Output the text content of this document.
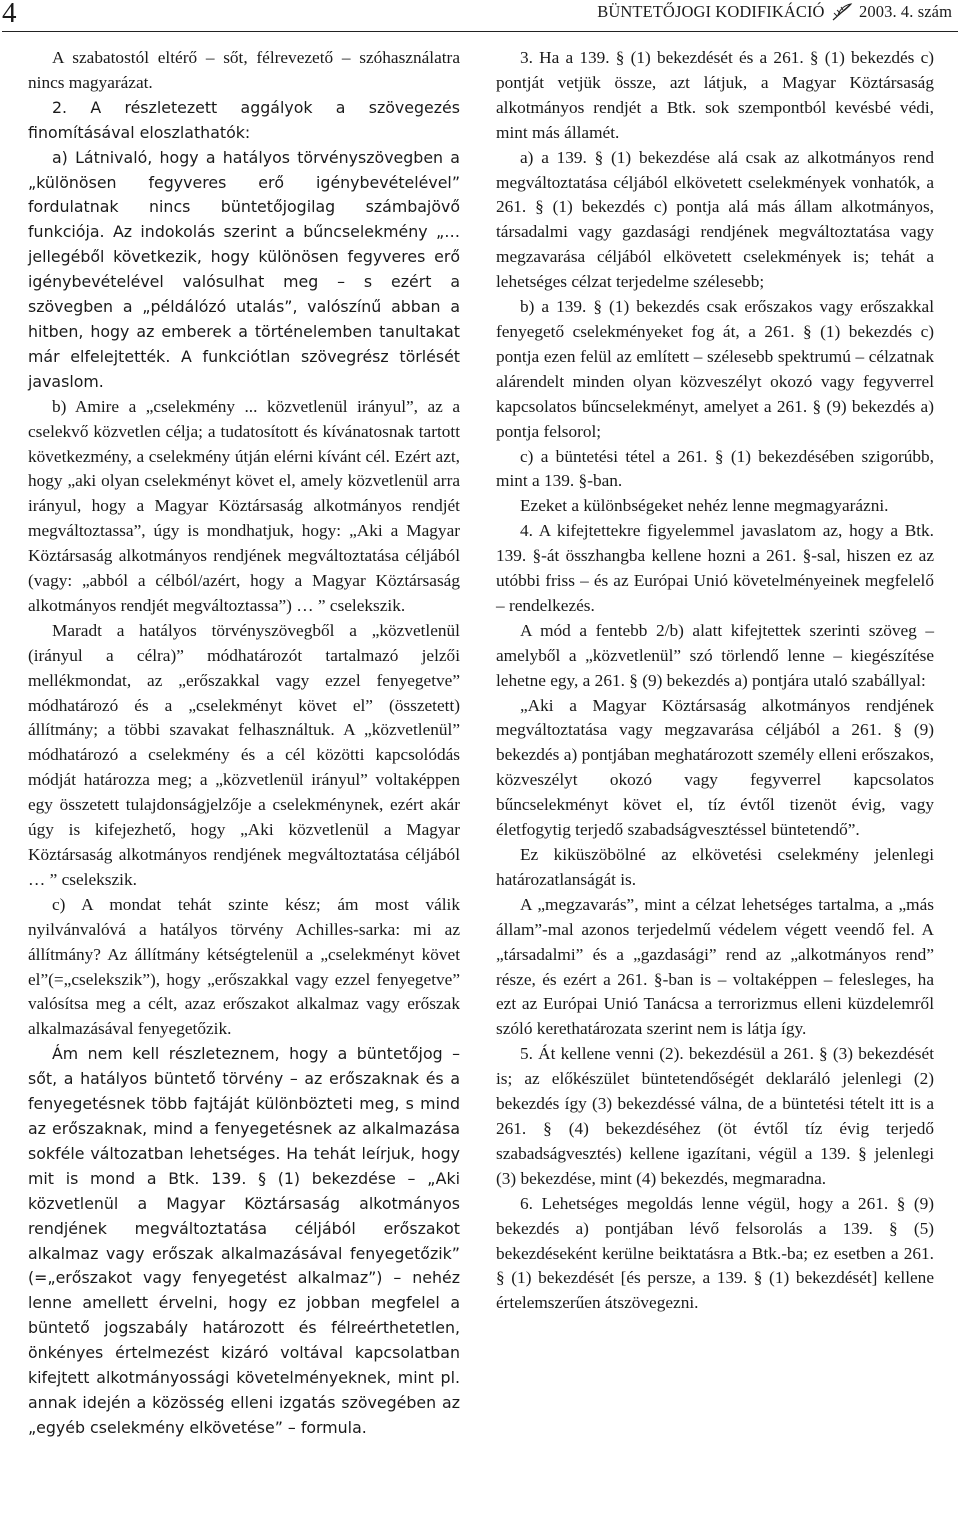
4	BÜNTETŐJOGI KODIFIKÁCIÓ 2003. 4. szám

A szabatostól eltérő – sőt, félrevezető – szóhasználatra nincs magyarázat.

2. A részletezett aggályok a szövegezés finomításával eloszlathatók:

a) Látnivaló, hogy a hatályos törvényszövegben a „különösen fegyveres erő igénybevételével” fordulatnak nincs büntetőjogilag számbajövő funkciója. Az indokolás szerint a bűncselekmény „… jellegéből következik, hogy különösen fegyveres erő igénybevételével valósulhat meg – s ezért a szövegben a „példálózó utalás”, valószínű abban a hitben, hogy az emberek a történelemben tanultakat már elfelejtették. A funkciótlan szövegrész törlését javaslom.

b) Amire a „cselekmény ... közvetlenül irányul”, az a cselekvő közvetlen célja; a tudatosított és kívánatosnak tartott következmény, a cselekmény útján elérni kívánt cél. Ezért azt, hogy „aki olyan cselekményt követ el, amely közvetlenül arra irányul, hogy a Magyar Köztársaság alkotmányos rendjét megváltoztassa”, úgy is mondhatjuk, hogy: „Aki a Magyar Köztársaság alkotmányos rendjének megváltoztatása céljából (vagy: „abból a célból/azért, hogy a Magyar Köztársaság alkotmányos rendjét megváltoztassa”) … ” cselekszik.

Maradt a hatályos törvényszövegből a „közvetlenül (irányul a célra)” módhatározót tartalmazó jelzői mellékmondat, az „erőszakkal vagy ezzel fenyegetve” módhatározó és a „cselekményt követ el” (összetett) állítmány; a többi szavakat felhasználtuk. A „közvetlenül” módhatározó a cselekmény és a cél közötti kapcsolódás módját határozza meg; a „közvetlenül irányul” voltaképpen egy összetett tulajdonságjelzője a cselekménynek, ezért akár úgy is kifejezhető, hogy „Aki közvetlenül a Magyar Köztársaság alkotmányos rendjének megváltoztatása céljából … ” cselekszik.

c) A mondat tehát szinte kész; ám most válik nyilvánvalóvá a hatályos törvény Achilles-sarka: mi az állítmány? Az állítmány kétségtelenül a „cselekményt követ el”(=„cselekszik”), hogy „erőszakkal vagy ezzel fenyegetve” valósítsa meg a célt, azaz erőszakot alkalmaz vagy erőszak alkalmazásával fenyegetőzik.

Ám nem kell részleteznem, hogy a büntetőjog – sőt, a hatályos büntető törvény – az erőszaknak és a fenyegetésnek több fajtáját különbözteti meg, s mind az erőszaknak, mind a fenyegetésnek az alkalmazása sokféle változatban lehetséges. Ha tehát leírjuk, hogy mit is mond a Btk. 139. § (1) bekezdése – „Aki közvetlenül a Magyar Köztársaság alkotmányos rendjének megváltoztatása céljából erőszakot alkalmaz vagy erőszak alkalmazásával fenyegetőzik” (=„erőszakot vagy fenyegetést alkalmaz”) – nehéz lenne amellett érvelni, hogy ez jobban megfelel a büntető jogszabály határozott és félreérthetetlen, önkényes értelmezést kizáró voltával kapcsolatban kifejtett alkotmányossági követelményeknek, mint pl. annak idején a közösség elleni izgatás szövegében az „egyéb cselekmény elkövetése” – formula.

3. Ha a 139. § (1) bekezdését és a 261. § (1) bekezdés c) pontját vetjük össze, azt látjuk, a Magyar Köztársaság alkotmányos rendjét a Btk. sok szempontból kevésbé védi, mint más államét.

a) a 139. § (1) bekezdése alá csak az alkotmányos rend megváltoztatása céljából elkövetett cselekmények vonhatók, a 261. § (1) bekezdés c) pontja alá más állam alkotmányos, társadalmi vagy gazdasági rendjének megváltoztatása vagy megzavarása céljából elkövetett cselekmények is; tehát a lehetséges célzat terjedelme szélesebb;

b) a 139. § (1) bekezdés csak erőszakos vagy erőszakkal fenyegető cselekményeket fog át, a 261. § (1) bekezdés c) pontja ezen felül az említett – szélesebb spektrumú – célzatnak alárendelt minden olyan közveszélyt okozó vagy fegyverrel kapcsolatos bűncselekményt, amelyet a 261. § (9) bekezdés a) pontja felsorol;

c) a büntetési tétel a 261. § (1) bekezdésében szigorúbb, mint a 139. §-ban.

Ezeket a különbségeket nehéz lenne megmagyarázni.

4. A kifejtettekre figyelemmel javaslatom az, hogy a Btk. 139. §-át összhangba kellene hozni a 261. §-sal, hiszen ez az utóbbi friss – és az Európai Unió követelményeinek megfelelő – rendelkezés.

A mód a fentebb 2/b) alatt kifejtettek szerinti szöveg – amelyből a „közvetlenül” szó törlendő lenne – kiegészítése lehetne egy, a 261. § (9) bekezdés a) pontjára utaló szabállyal:

„Aki a Magyar Köztársaság alkotmányos rendjének megváltoztatása vagy megzavarása céljából a 261. § (9) bekezdés a) pontjában meghatározott személy elleni erőszakos, közveszélyt okozó vagy fegyverrel kapcsolatos bűncselekményt követ el, tíz évtől tizenöt évig, vagy életfogytig terjedő szabadságvesztéssel büntetendő”.

Ez kiküszöbölné az elkövetési cselekmény jelenlegi határozatlanságát is.

A „megzavarás”, mint a célzat lehetséges tartalma, a „más állam”-mal azonos terjedelmű védelem végett veendő fel. A „társadalmi” és a „gazdasági” rend az „alkotmányos rend” része, és ezért a 261. §-ban is – voltaképpen – felesleges, ha ezt az Európai Unió Tanácsa a terrorizmus elleni küzdelemről szóló kerethatározata szerint nem is látja így.

5. Át kellene venni (2). bekezdésül a 261. § (3) bekezdését is; az előkészület büntetendőségét deklaráló jelenlegi (2) bekezdés így (3) bekezdéssé válna, de a büntetési tételt itt is a 261. § (4) bekezdéséhez (öt évtől tíz évig terjedő szabadságvesztés) kellene igazítani, végül a 139. § jelenlegi (3) bekezdése, mint (4) bekezdés, megmaradna.

6. Lehetséges megoldás lenne végül, hogy a 261. § (9) bekezdés a) pontjában lévő felsorolás a 139. § (5) bekezdéseként kerülne beiktatásra a Btk.-ba; ez esetben a 261. § (1) bekezdését [és persze, a 139. § (1) bekezdését] kellene értelemszerűen átszövegezni.
